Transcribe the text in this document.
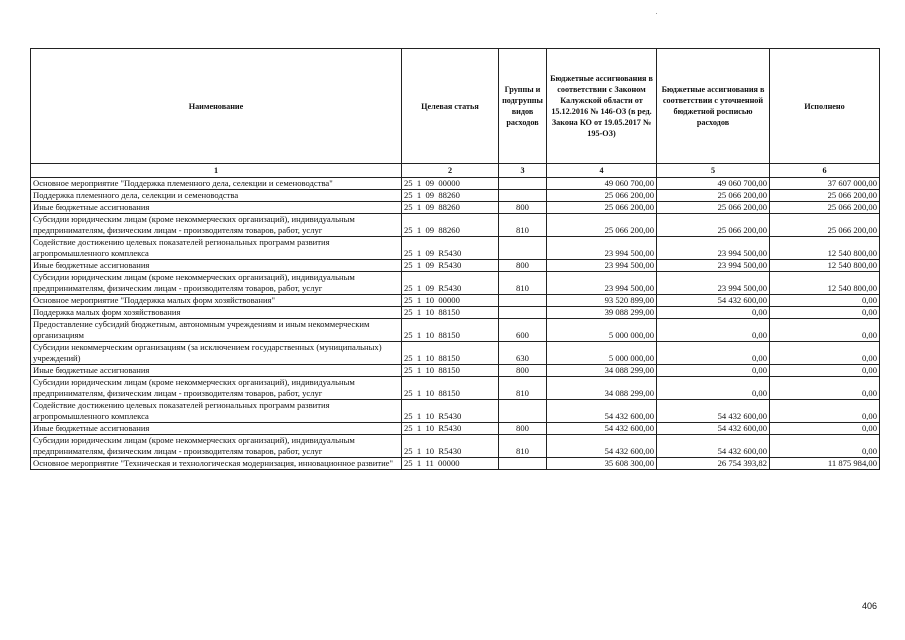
Наименование	Целевая статья	Группы и подгруппы видов расходов	Бюджетные ассигнования в соответствии с Законом Калужской области от 15.12.2016 № 146-ОЗ (в ред. Закона КО от 19.05.2017 № 195-ОЗ)	Бюджетные ассигнования в соответствии с уточненной бюджетной росписью расходов	Исполнено
1	2	3	4	5	6
Основное мероприятие "Поддержка племенного дела, селекции и семеноводства"	25  1  09  00000		49 060 700,00	49 060 700,00	37 607 000,00
Поддержка племенного дела, селекции и семеноводства	25  1  09  88260		25 066 200,00	25 066 200,00	25 066 200,00
Иные бюджетные ассигнования	25  1  09  88260	800	25 066 200,00	25 066 200,00	25 066 200,00
Субсидии юридическим лицам (кроме некоммерческих организаций), индивидуальным предпринимателям, физическим лицам - производителям товаров, работ, услуг	25  1  09  88260	810	25 066 200,00	25 066 200,00	25 066 200,00
Содействие достижению целевых показателей региональных программ развития агропромышленного комплекса	25  1  09  R5430		23 994 500,00	23 994 500,00	12 540 800,00
Иные бюджетные ассигнования	25  1  09  R5430	800	23 994 500,00	23 994 500,00	12 540 800,00
Субсидии юридическим лицам (кроме некоммерческих организаций), индивидуальным предпринимателям, физическим лицам - производителям товаров, работ, услуг	25  1  09  R5430	810	23 994 500,00	23 994 500,00	12 540 800,00
Основное мероприятие "Поддержка малых форм хозяйствования"	25  1  10  00000		93 520 899,00	54 432 600,00	0,00
Поддержка малых форм хозяйствования	25  1  10  88150		39 088 299,00	0,00	0,00
Предоставление субсидий бюджетным, автономным учреждениям и иным некоммерческим организациям	25  1  10  88150	600	5 000 000,00	0,00	0,00
Субсидии некоммерческим организациям (за исключением государственных (муниципальных) учреждений)	25  1  10  88150	630	5 000 000,00	0,00	0,00
Иные бюджетные ассигнования	25  1  10  88150	800	34 088 299,00	0,00	0,00
Субсидии юридическим лицам (кроме некоммерческих организаций), индивидуальным предпринимателям, физическим лицам - производителям товаров, работ, услуг	25  1  10  88150	810	34 088 299,00	0,00	0,00
Содействие достижению целевых показателей региональных программ развития агропромышленного комплекса	25  1  10  R5430		54 432 600,00	54 432 600,00	0,00
Иные бюджетные ассигнования	25  1  10  R5430	800	54 432 600,00	54 432 600,00	0,00
Субсидии юридическим лицам (кроме некоммерческих организаций), индивидуальным предпринимателям, физическим лицам - производителям товаров, работ, услуг	25  1  10  R5430	810	54 432 600,00	54 432 600,00	0,00
Основное мероприятие "Техническая и технологическая модернизация, инновационное развитие"	25  1  11  00000		35 608 300,00	26 754 393,82	11 875 984,00
406
